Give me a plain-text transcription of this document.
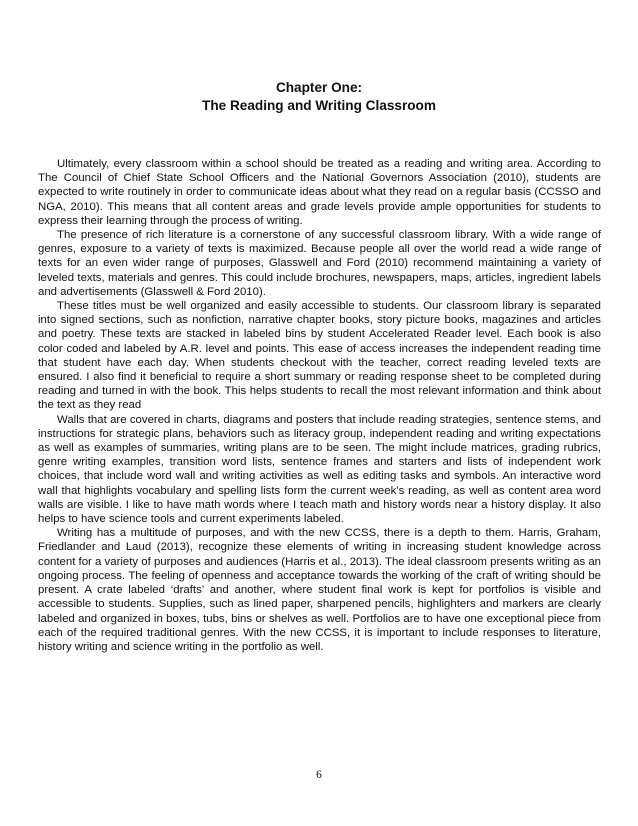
Chapter One:
The Reading and Writing Classroom

Ultimately, every classroom within a school should be treated as a reading and writing area. According to The Council of Chief State School Officers and the National Governors Association (2010), students are expected to write routinely in order to communicate ideas about what they read on a regular basis (CCSSO and NGA, 2010). This means that all content areas and grade levels provide ample opportunities for students to express their learning through the process of writing.

The presence of rich literature is a cornerstone of any successful classroom library. With a wide range of genres, exposure to a variety of texts is maximized. Because people all over the world read a wide range of texts for an even wider range of purposes, Glasswell and Ford (2010) recommend maintaining a variety of leveled texts, materials and genres. This could include brochures, newspapers, maps, articles, ingredient labels and advertisements (Glasswell & Ford 2010).

These titles must be well organized and easily accessible to students. Our classroom library is separated into signed sections, such as nonfiction, narrative chapter books, story picture books, magazines and articles and poetry. These texts are stacked in labeled bins by student Accelerated Reader level. Each book is also color coded and labeled by A.R. level and points. This ease of access increases the independent reading time that student have each day. When students checkout with the teacher, correct reading leveled texts are ensured. I also find it beneficial to require a short summary or reading response sheet to be completed during reading and turned in with the book. This helps students to recall the most relevant information and think about the text as they read

Walls that are covered in charts, diagrams and posters that include reading strategies, sentence stems, and instructions for strategic plans, behaviors such as literacy group, independent reading and writing expectations as well as examples of summaries, writing plans are to be seen. The might include matrices, grading rubrics, genre writing examples, transition word lists, sentence frames and starters and lists of independent work choices, that include word wall and writing activities as well as editing tasks and symbols. An interactive word wall that highlights vocabulary and spelling lists form the current week’s reading, as well as content area word walls are visible. I like to have math words where I teach math and history words near a history display. It also helps to have science tools and current experiments labeled.

Writing has a multitude of purposes, and with the new CCSS, there is a depth to them. Harris, Graham, Friedlander and Laud (2013), recognize these elements of writing in increasing student knowledge across content for a variety of purposes and audiences (Harris et al., 2013). The ideal classroom presents writing as an ongoing process. The feeling of openness and acceptance towards the working of the craft of writing should be present. A crate labeled ‘drafts’ and another, where student final work is kept for portfolios is visible and accessible to students. Supplies, such as lined paper, sharpened pencils, highlighters and markers are clearly labeled and organized in boxes, tubs, bins or shelves as well. Portfolios are to have one exceptional piece from each of the required traditional genres. With the new CCSS, it is important to include responses to literature, history writing and science writing in the portfolio as well.

6
